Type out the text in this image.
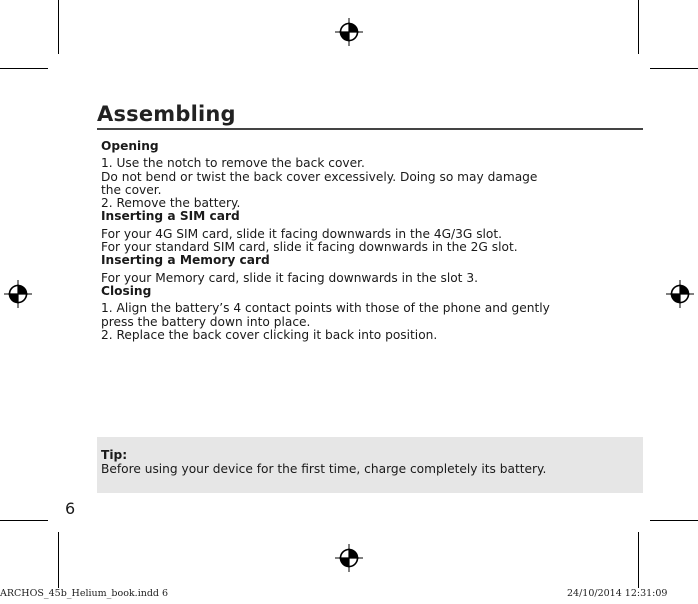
Assembling
Opening
1. Use the notch to remove the back cover.
Do not bend or twist the back cover excessively. Doing so may damage
the cover.
2. Remove the battery.
Inserting a SIM card
For your 4G SIM card, slide it facing downwards in the 4G/3G slot.
For your standard SIM card, slide it facing downwards in the 2G slot.
Inserting a Memory card
For your Memory card, slide it facing downwards in the slot 3.
Closing
1. Align the battery’s 4 contact points with those of the phone and gently
press the battery down into place.
2. Replace the back cover clicking it back into position.
Tip:
Before using your device for the first time, charge completely its battery.
6
ARCHOS_45b_Helium_book.indd 6	24/10/2014 12:31:09
